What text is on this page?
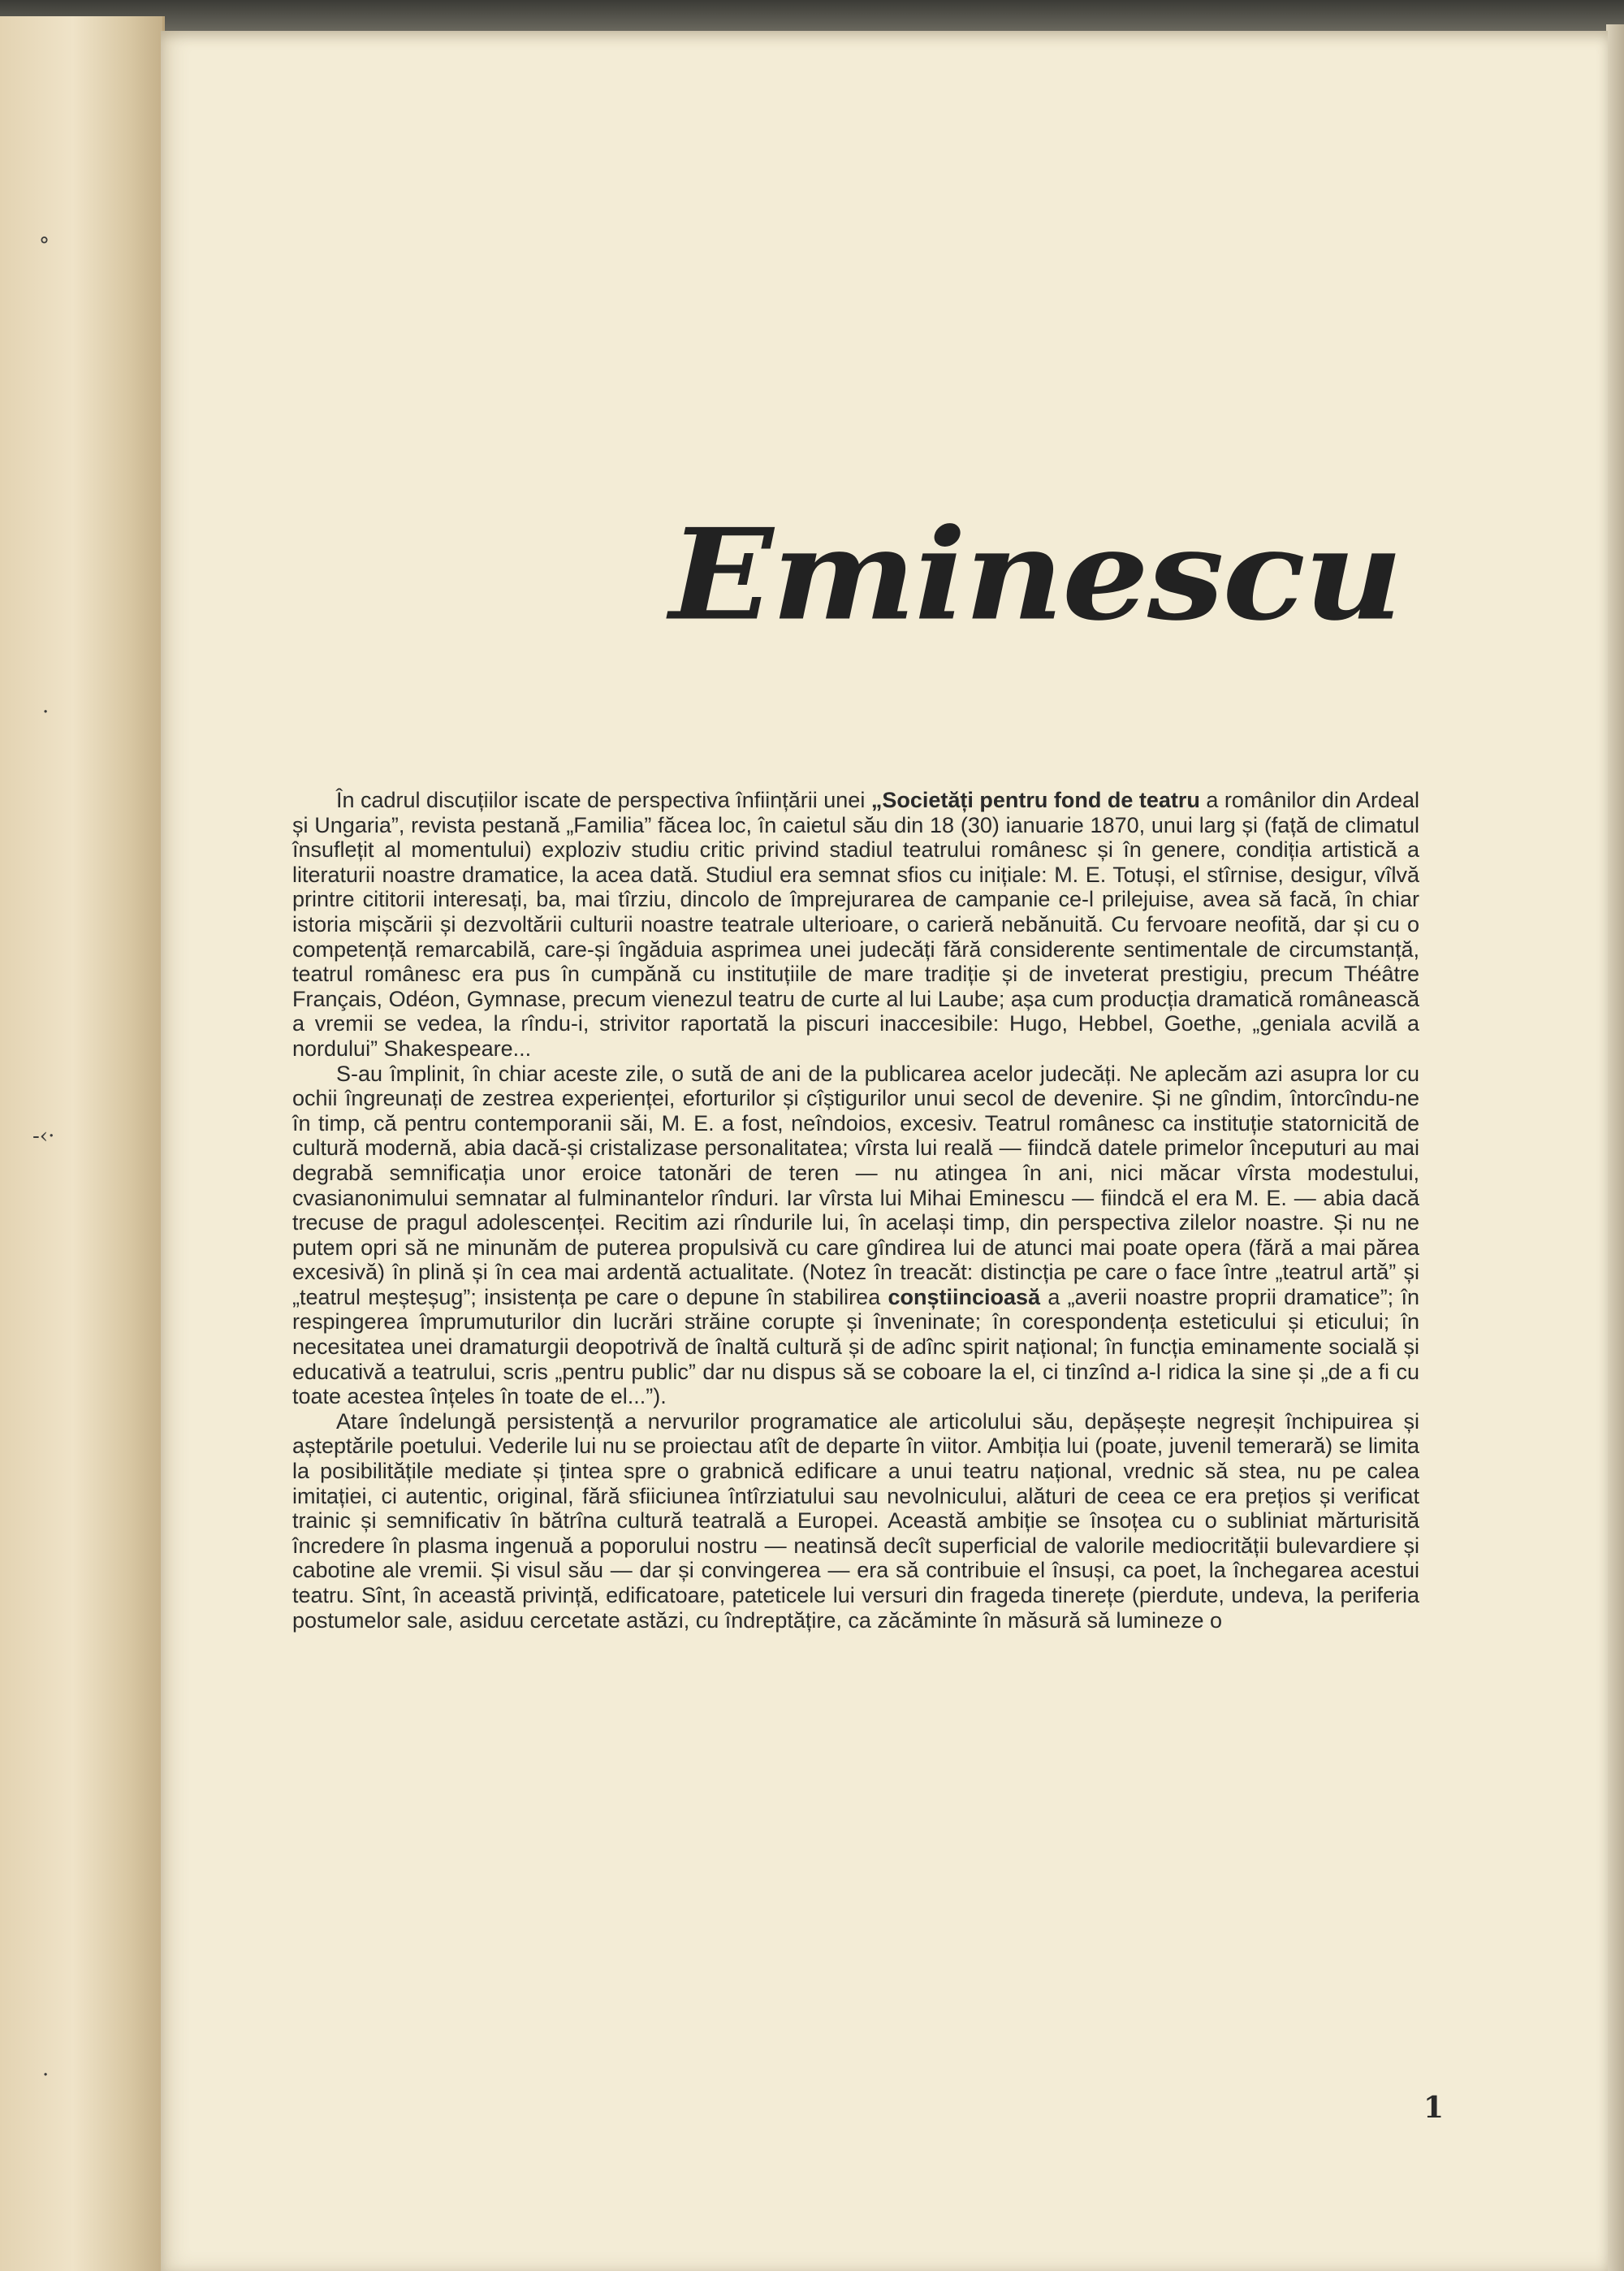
°
·
-‹·
·
Eminescu

În cadrul discuțiilor iscate de perspectiva înființării unei „Societăți pentru fond de teatru a românilor din Ardeal și Ungaria”, revista pestană „Familia” făcea loc, în caietul său din 18 (30) ianuarie 1870, unui larg și (față de climatul însuflețit al momentului) exploziv studiu critic privind stadiul teatrului românesc și în genere, condiția artistică a literaturii noastre dramatice, la acea dată. Studiul era semnat sfios cu inițiale: M. E. Totuși, el stîrnise, desigur, vîlvă printre cititorii interesați, ba, mai tîrziu, dincolo de împrejurarea de campanie ce-l prilejuise, avea să facă, în chiar istoria mișcării și dezvoltării culturii noastre teatrale ulterioare, o carieră nebănuită. Cu fervoare neofită, dar și cu o competență remarcabilă, care-și îngăduia asprimea unei judecăți fără considerente sentimentale de circumstanță, teatrul românesc era pus în cumpănă cu instituțiile de mare tradiție și de inveterat prestigiu, precum Théâtre Français, Odéon, Gymnase, precum vienezul teatru de curte al lui Laube; așa cum producția dramatică românească a vremii se vedea, la rîndu-i, strivitor raportată la piscuri inaccesibile: Hugo, Hebbel, Goethe, „geniala acvilă a nordului” Shakespeare...

S-au împlinit, în chiar aceste zile, o sută de ani de la publicarea acelor judecăți. Ne aplecăm azi asupra lor cu ochii îngreunați de zestrea experienței, eforturilor și cîștigurilor unui secol de devenire. Și ne gîndim, întorcîndu-ne în timp, că pentru contemporanii săi, M. E. a fost, neîndoios, excesiv. Teatrul românesc ca instituție statornicită de cultură modernă, abia dacă-și cristalizase personalitatea; vîrsta lui reală — fiindcă datele primelor începuturi au mai degrabă semnificația unor eroice tatonări de teren — nu atingea în ani, nici măcar vîrsta modestului, cvasianonimului semnatar al fulminantelor rînduri. Iar vîrsta lui Mihai Eminescu — fiindcă el era M. E. — abia dacă trecuse de pragul adolescenței. Recitim azi rîndurile lui, în același timp, din perspectiva zilelor noastre. Și nu ne putem opri să ne minunăm de puterea propulsivă cu care gîndirea lui de atunci mai poate opera (fără a mai părea excesivă) în plină și în cea mai ardentă actualitate. (Notez în treacăt: distincția pe care o face între „teatrul artă” și „teatrul meșteșug”; insistența pe care o depune în stabilirea conștiincioasă a „averii noastre proprii dramatice”; în respingerea împrumuturilor din lucrări străine corupte și înveninate; în corespondența esteticului și eticului; în necesitatea unei dramaturgii deopotrivă de înaltă cultură și de adînc spirit național; în funcția eminamente socială și educativă a teatrului, scris „pentru public” dar nu dispus să se coboare la el, ci tinzînd a-l ridica la sine și „de a fi cu toate acestea înțeles în toate de el...”).

Atare îndelungă persistență a nervurilor programatice ale articolului său, depășește negreșit închipuirea și așteptările poetului. Vederile lui nu se proiectau atît de departe în viitor. Ambiția lui (poate, juvenil temerară) se limita la posibilitățile mediate și țintea spre o grabnică edificare a unui teatru național, vrednic să stea, nu pe calea imitației, ci autentic, original, fără sfiiciunea întîrziatului sau nevolnicului, alături de ceea ce era prețios și verificat trainic și semnificativ în bătrîna cultură teatrală a Europei. Această ambiție se însoțea cu o subliniat mărturisită încredere în plasma ingenuă a poporului nostru — neatinsă decît superficial de valorile mediocrității bulevardiere și cabotine ale vremii. Și visul său — dar și convingerea — era să contribuie el însuși, ca poet, la închegarea acestui teatru. Sînt, în această privință, edificatoare, pateticele lui versuri din fragedа tinerețe (pierdute, undeva, la periferia postumelor sale, asiduu cercetate astăzi, cu îndreptățire, ca zăcăminte în măsură să lumineze o

1
